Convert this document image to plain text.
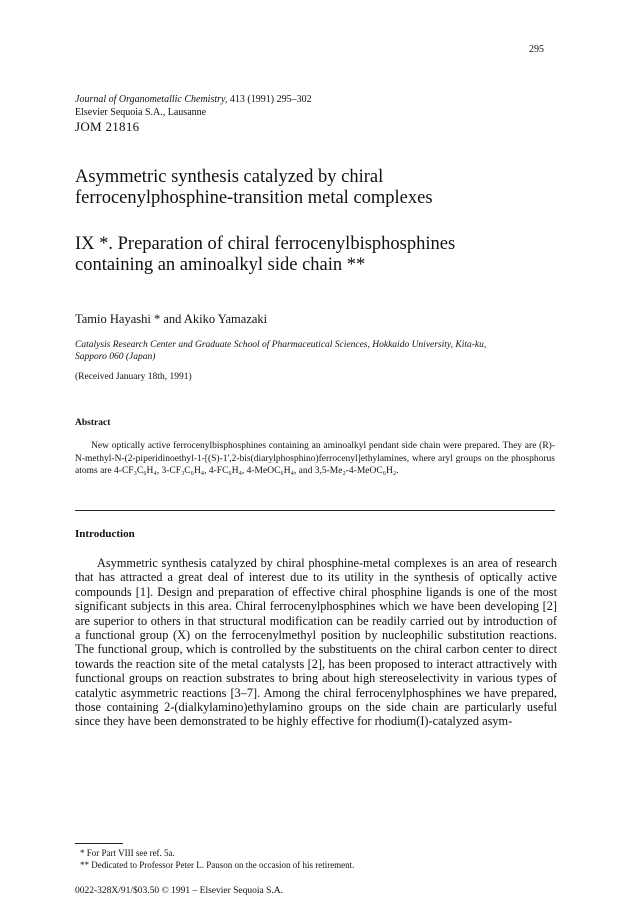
295
Journal of Organometallic Chemistry, 413 (1991) 295–302
Elsevier Sequoia S.A., Lausanne
JOM 21816
Asymmetric synthesis catalyzed by chiral
ferrocenylphosphine-transition metal complexes
IX *. Preparation of chiral ferrocenylbisphosphines
containing an aminoalkyl side chain **
Tamio Hayashi * and Akiko Yamazaki
Catalysis Research Center and Graduate School of Pharmaceutical Sciences, Hokkaido University, Kita-ku,
Sapporo 060 (Japan)
(Received January 18th, 1991)
Abstract
New optically active ferrocenylbisphosphines containing an aminoalkyl pendant side chain were prepared. They are (R)-N-methyl-N-(2-piperidinoethyl-1-[(S)-1',2-bis(diarylphosphino)ferrocenyl]ethylamines, where aryl groups on the phosphorus atoms are 4-CF₃C₆H₄, 3-CF₃C₆H₄, 4-FC₆H₄, 4-MeOC₆H₄, and 3,5-Me₂-4-MeOC₆H₂.
Introduction
Asymmetric synthesis catalyzed by chiral phosphine-metal complexes is an area of research that has attracted a great deal of interest due to its utility in the synthesis of optically active compounds [1]. Design and preparation of effective chiral phosphine ligands is one of the most significant subjects in this area. Chiral ferrocenylphosphines which we have been developing [2] are superior to others in that structural modification can be readily carried out by introduction of a functional group (X) on the ferrocenylmethyl position by nucleophilic substitution reactions. The functional group, which is controlled by the substituents on the chiral carbon center to direct towards the reaction site of the metal catalysts [2], has been proposed to interact attractively with functional groups on reaction substrates to bring about high stereoselectivity in various types of catalytic asymmetric reactions [3–7]. Among the chiral ferrocenylphosphines we have prepared, those containing 2-(dialkylamino)ethylamino groups on the side chain are particularly useful since they have been demonstrated to be highly effective for rhodium(I)-catalyzed asym-
* For Part VIII see ref. 5a.
** Dedicated to Professor Peter L. Pauson on the occasion of his retirement.
0022-328X/91/$03.50 © 1991 – Elsevier Sequoia S.A.
